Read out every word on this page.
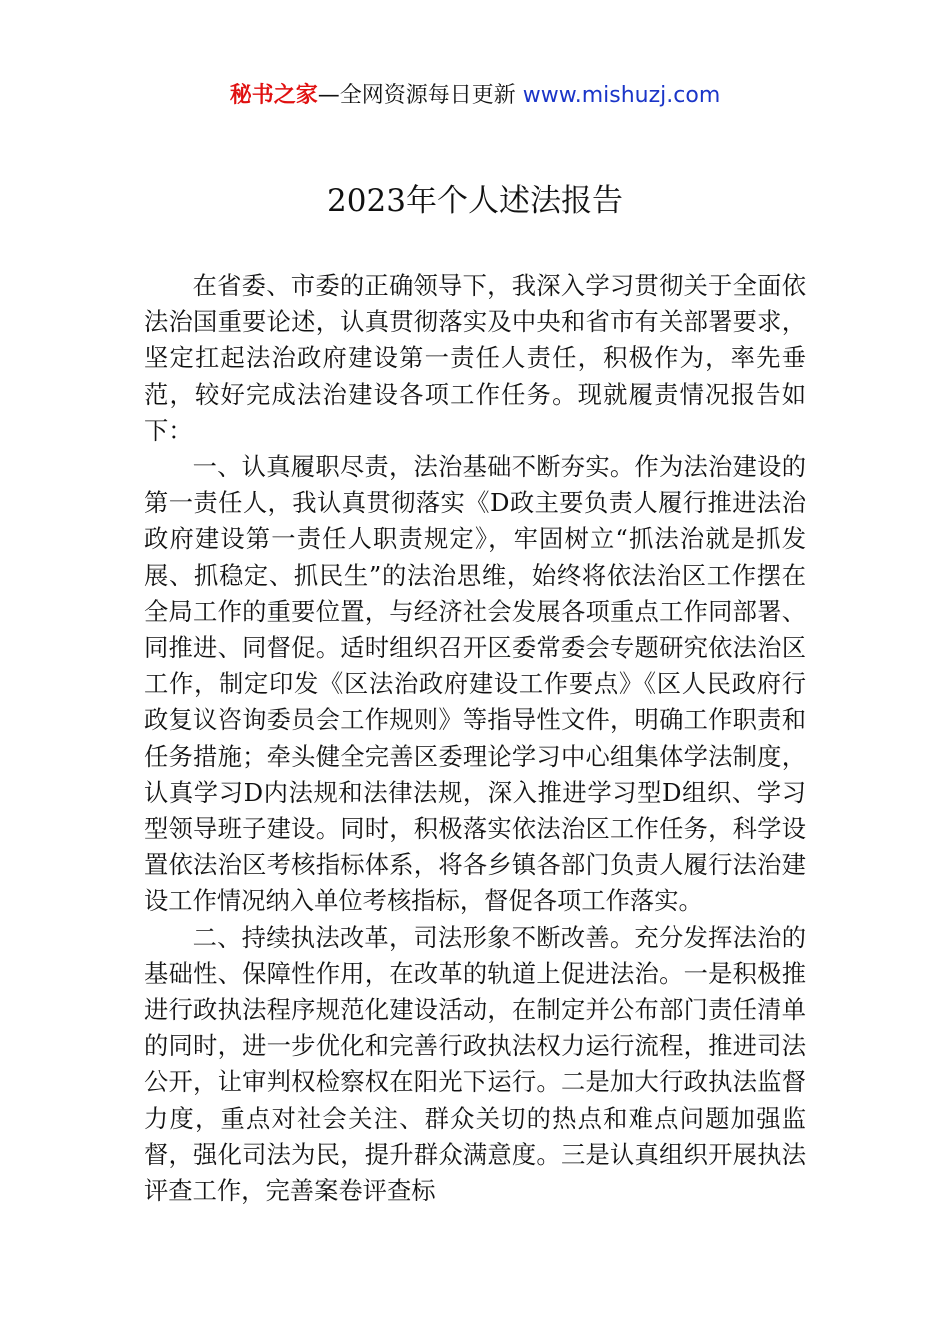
秘书之家—全网资源每日更新 www.mishuzj.com
2023年个人述法报告

在省委、市委的正确领导下，我深入学习贯彻关于全面依法治国重要论述，认真贯彻落实及中央和省市有关部署要求，坚定扛起法治政府建设第一责任人责任，积极作为，率先垂范，较好完成法治建设各项工作任务。现就履责情况报告如下：

一、认真履职尽责，法治基础不断夯实。作为法治建设的第一责任人，我认真贯彻落实《D政主要负责人履行推进法治政府建设第一责任人职责规定》，牢固树立“抓法治就是抓发展、抓稳定、抓民生”的法治思维，始终将依法治区工作摆在全局工作的重要位置，与经济社会发展各项重点工作同部署、同推进、同督促。适时组织召开区委常委会专题研究依法治区工作，制定印发《区法治政府建设工作要点》《区人民政府行政复议咨询委员会工作规则》等指导性文件，明确工作职责和任务措施；牵头健全完善区委理论学习中心组集体学法制度，认真学习D内法规和法律法规，深入推进学习型D组织、学习型领导班子建设。同时，积极落实依法治区工作任务，科学设置依法治区考核指标体系，将各乡镇各部门负责人履行法治建设工作情况纳入单位考核指标，督促各项工作落实。

二、持续执法改革，司法形象不断改善。充分发挥法治的基础性、保障性作用，在改革的轨道上促进法治。一是积极推进行政执法程序规范化建设活动，在制定并公布部门责任清单的同时，进一步优化和完善行政执法权力运行流程，推进司法公开，让审判权检察权在阳光下运行。二是加大行政执法监督力度，重点对社会关注、群众关切的热点和难点问题加强监督，强化司法为民，提升群众满意度。三是认真组织开展执法评查工作，完善案卷评查标
